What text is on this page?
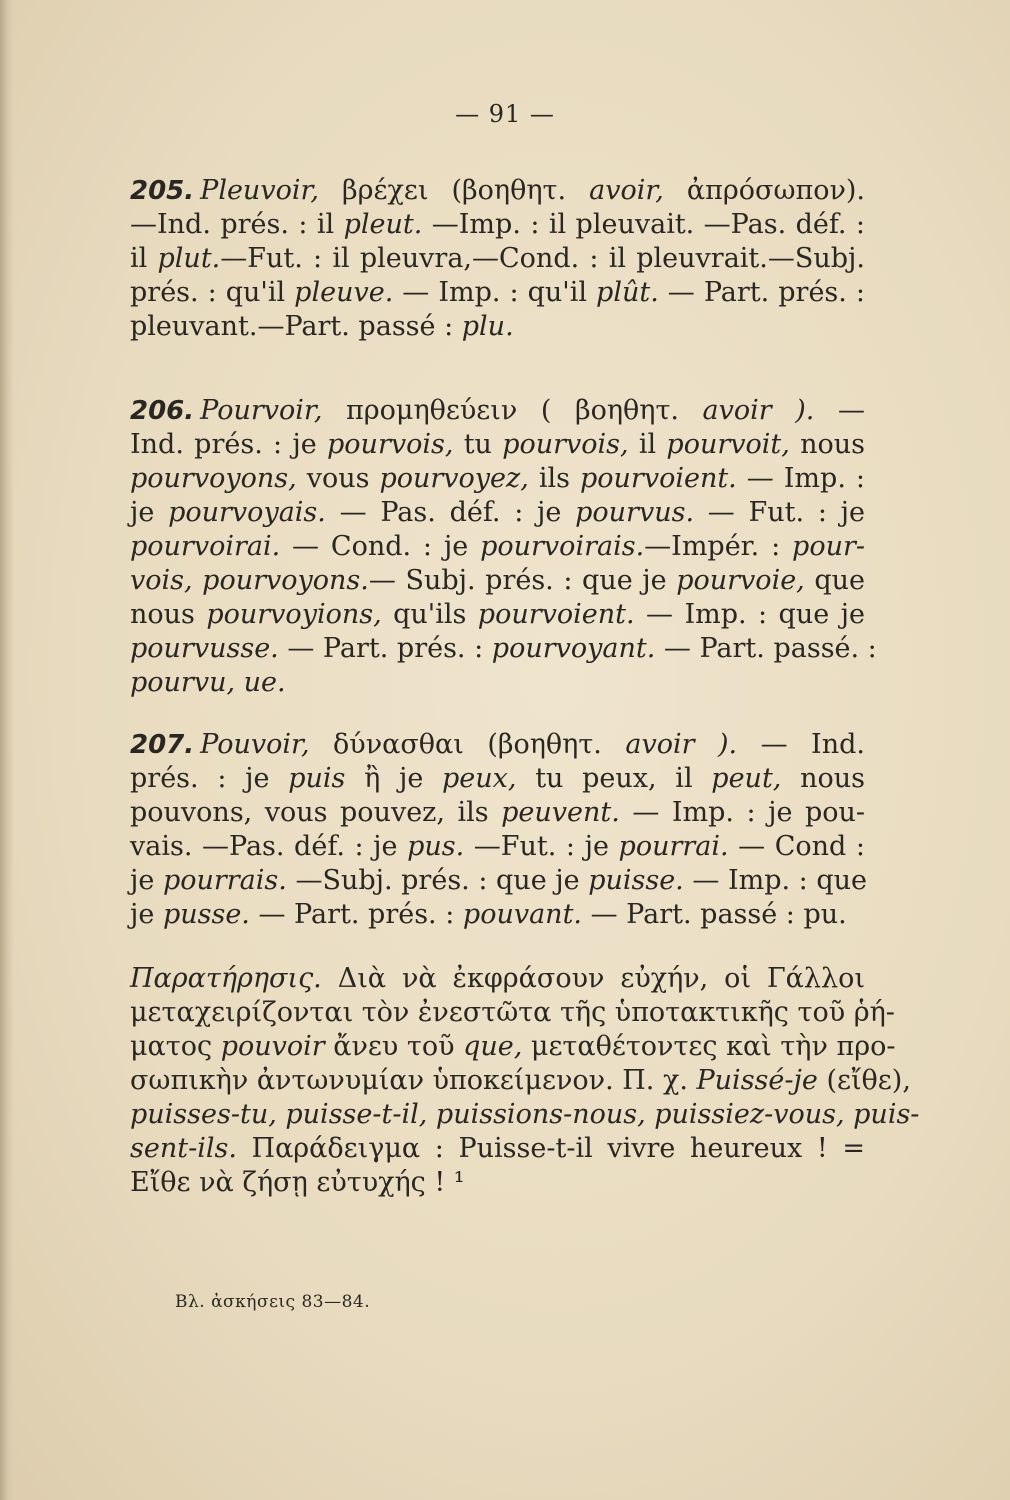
— 91 —
205. Pleuvoir, βρέχει (βοηθητ. avoir, ἀπρόσωπον).
—Ind. prés. : il pleut. —Imp. : il pleuvait. —Pas. déf. :
il plut.—Fut. : il pleuvra,—Cond. : il pleuvrait.—Subj.
prés. : qu'il pleuve. — Imp. : qu'il plût. — Part. prés. :
pleuvant.—Part. passé : plu.
206. Pourvoir, προμηθεύειν ( βοηθητ. avoir ). —
Ind. prés. : je pourvois, tu pourvois, il pourvoit, nous
pourvoyons, vous pourvoyez, ils pourvoient. — Imp. :
je pourvoyais. — Pas. déf. : je pourvus. — Fut. : je
pourvoirai. — Cond. : je pourvoirais.—Impér. : pour-
vois, pourvoyons.— Subj. prés. : que je pourvoie, que
nous pourvoyions, qu'ils pourvoient. — Imp. : que je
pourvusse. — Part. prés. : pourvoyant. — Part. passé. :
pourvu, ue.
207. Pouvoir, δύνασθαι (βοηθητ. avoir ). — Ind.
prés. : je puis ἢ je peux, tu peux, il peut, nous
pouvons, vous pouvez, ils peuvent. — Imp. : je pou-
vais. —Pas. déf. : je pus. —Fut. : je pourrai. — Cond :
je pourrais. —Subj. prés. : que je puisse. — Imp. : que
je pusse. — Part. prés. : pouvant. — Part. passé : pu.
Παρατήρησις. Διὰ νὰ ἐκφράσουν εὐχήν, οἱ Γάλλοι
μεταχειρίζονται τὸν ἐνεστῶτα τῆς ὑποτακτικῆς τοῦ ῥή-
ματος pouvoir ἄνευ τοῦ que, μεταθέτοντες καὶ τὴν προ-
σωπικὴν ἀντωνυμίαν ὑποκείμενον. Π. χ. Puissé-je (εἴθε),
puisses-tu, puisse-t-il, puissions-nous, puissiez-vous, puis-
sent-ils. Παράδειγμα : Puisse-t-il vivre heureux ! =
Εἴθε νὰ ζήσῃ εὐτυχής ! ¹
Βλ. ἀσκήσεις 83—84.
